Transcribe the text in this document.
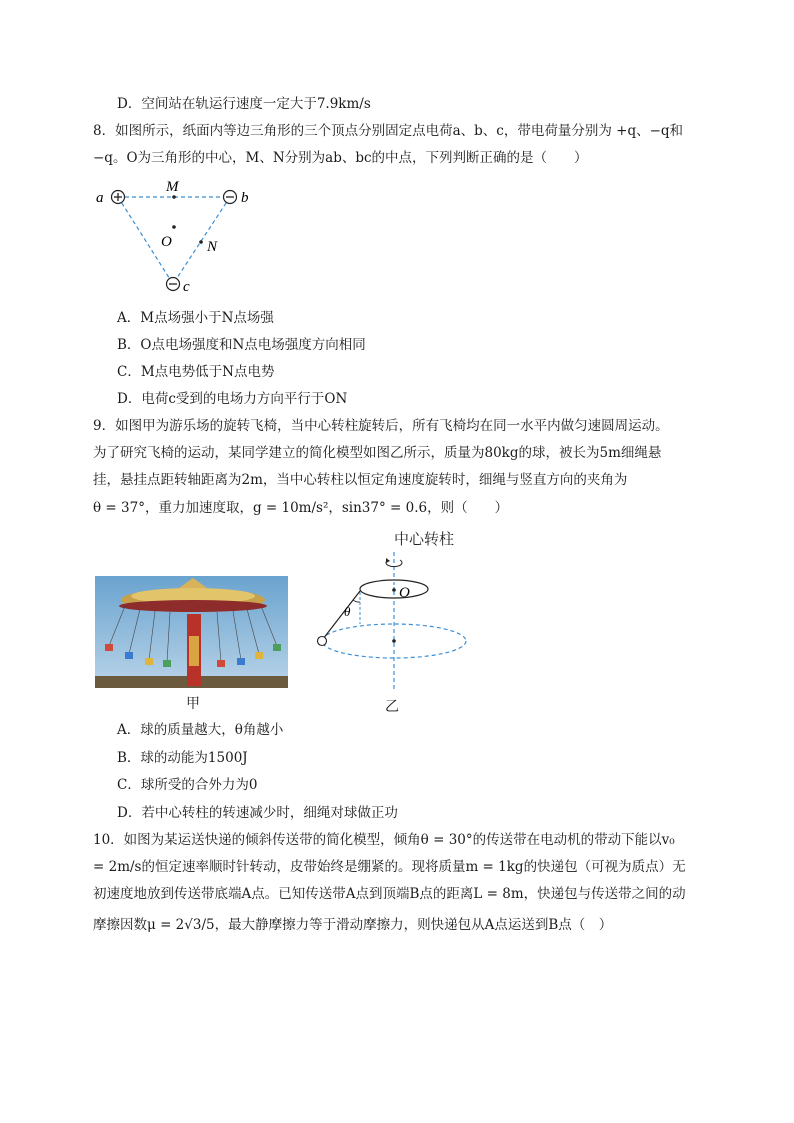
D．空间站在轨运行速度一定大于7.9km/s
8．如图所示，纸面内等边三角形的三个顶点分别固定点电荷a、b、c，带电荷量分别为 +q、−q和
−q。O为三角形的中心，M、N分别为ab、bc的中点，下列判断正确的是（　　）
a	b
c
M
O N
A．M点场强小于N点场强
B．O点电场强度和N点电场强度方向相同
C．M点电势低于N点电势
D．电荷c受到的电场力方向平行于ON
9．如图甲为游乐场的旋转飞椅，当中心转柱旋转后，所有飞椅均在同一水平内做匀速圆周运动。
为了研究飞椅的运动，某同学建立的简化模型如图乙所示，质量为80kg的球，被长为5m细绳悬
挂，悬挂点距转轴距离为2m，当中心转柱以恒定角速度旋转时，细绳与竖直方向的夹角为
θ = 37°，重力加速度取，g = 10m/s²，sin37° = 0.6，则（　　）
甲
中心转柱
O
θ
乙
A．球的质量越大，θ角越小
B．球的动能为1500J
C．球所受的合外力为0
D．若中心转柱的转速减少时，细绳对球做正功
10．如图为某运送快递的倾斜传送带的简化模型，倾角θ = 30°的传送带在电动机的带动下能以v₀
= 2m/s的恒定速率顺时针转动，皮带始终是绷紧的。现将质量m = 1kg的快递包（可视为质点）无
初速度地放到传送带底端A点。已知传送带A点到顶端B点的距离L = 8m，快递包与传送带之间的动
摩擦因数μ = 2√3/5，最大静摩擦力等于滑动摩擦力，则快递包从A点运送到B点（　）
